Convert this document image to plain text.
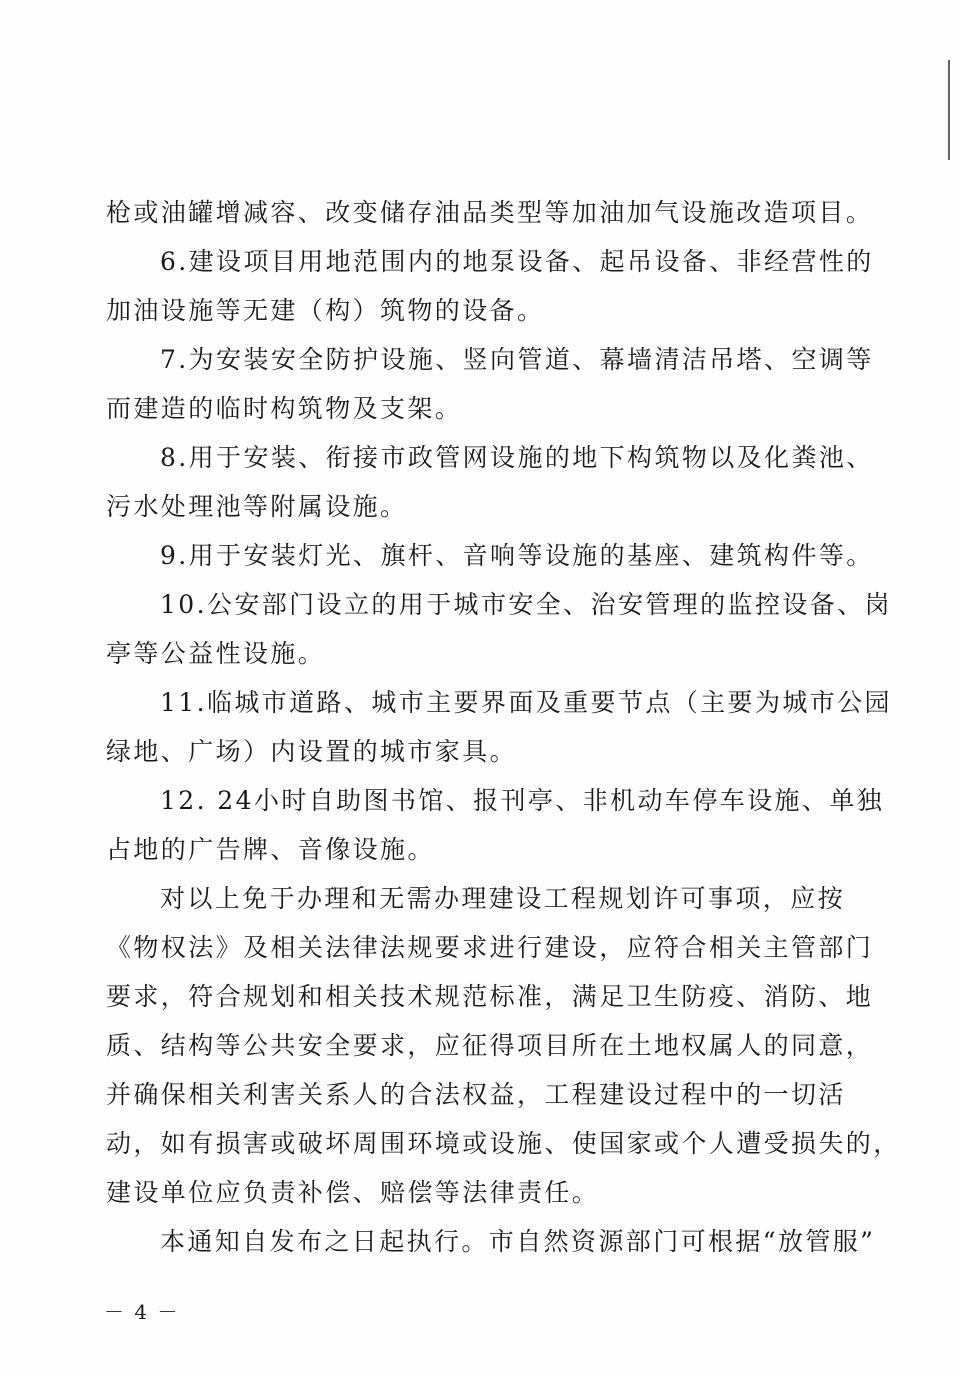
枪或油罐增减容、改变储存油品类型等加油加气设施改造项目。
6.建设项目用地范围内的地泵设备、起吊设备、非经营性的
加油设施等无建（构）筑物的设备。
7.为安装安全防护设施、竖向管道、幕墙清洁吊塔、空调等
而建造的临时构筑物及支架。
8.用于安装、衔接市政管网设施的地下构筑物以及化粪池、
污水处理池等附属设施。
9.用于安装灯光、旗杆、音响等设施的基座、建筑构件等。
10.公安部门设立的用于城市安全、治安管理的监控设备、岗
亭等公益性设施。
11.临城市道路、城市主要界面及重要节点（主要为城市公园
绿地、广场）内设置的城市家具。
12. 24小时自助图书馆、报刊亭、非机动车停车设施、单独
占地的广告牌、音像设施。
对以上免于办理和无需办理建设工程规划许可事项，应按
《物权法》及相关法律法规要求进行建设，应符合相关主管部门
要求，符合规划和相关技术规范标准，满足卫生防疫、消防、地
质、结构等公共安全要求，应征得项目所在土地权属人的同意，
并确保相关利害关系人的合法权益，工程建设过程中的一切活
动，如有损害或破坏周围环境或设施、使国家或个人遭受损失的，
建设单位应负责补偿、赔偿等法律责任。
本通知自发布之日起执行。市自然资源部门可根据“放管服”
－ 4 －
